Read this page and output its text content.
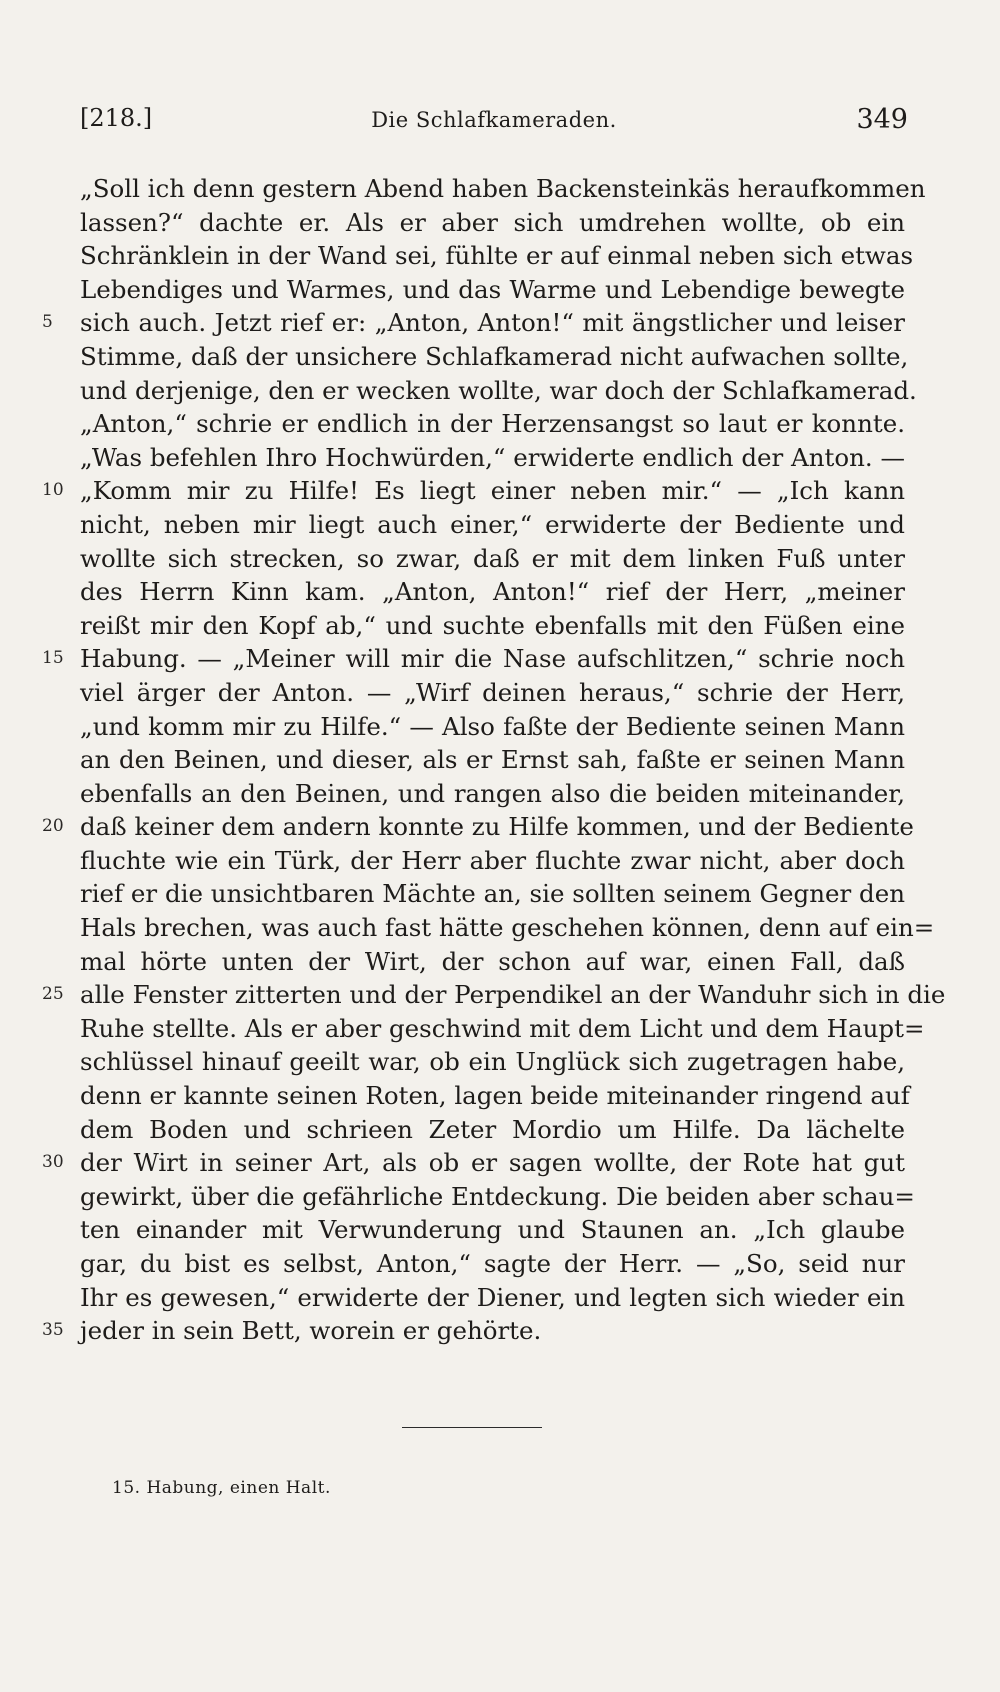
[218.]	Die Schlafkameraden.	349
„Soll ich denn gestern Abend haben Backensteinkäs heraufkommen
lassen?“ dachte er. Als er aber sich umdrehen wollte, ob ein
Schränklein in der Wand sei, fühlte er auf einmal neben sich etwas
Lebendiges und Warmes, und das Warme und Lebendige bewegte
5	sich auch. Jetzt rief er: „Anton, Anton!“ mit ängstlicher und leiser
Stimme, daß der unsichere Schlafkamerad nicht aufwachen sollte,
und derjenige, den er wecken wollte, war doch der Schlafkamerad.
„Anton,“ schrie er endlich in der Herzensangst so laut er konnte.
„Was befehlen Ihro Hochwürden,“ erwiderte endlich der Anton. —
10 „Komm mir zu Hilfe! Es liegt einer neben mir.“ — „Ich kann
nicht, neben mir liegt auch einer,“ erwiderte der Bediente und
wollte sich strecken, so zwar, daß er mit dem linken Fuß unter
des Herrn Kinn kam. „Anton, Anton!“ rief der Herr, „meiner
reißt mir den Kopf ab,“ und suchte ebenfalls mit den Füßen eine
15 Habung. — „Meiner will mir die Nase aufschlitzen,“ schrie noch
viel ärger der Anton. — „Wirf deinen heraus,“ schrie der Herr,
„und komm mir zu Hilfe.“ — Also faßte der Bediente seinen Mann
an den Beinen, und dieser, als er Ernst sah, faßte er seinen Mann
ebenfalls an den Beinen, und rangen also die beiden miteinander,
20 daß keiner dem andern konnte zu Hilfe kommen, und der Bediente
fluchte wie ein Türk, der Herr aber fluchte zwar nicht, aber doch
rief er die unsichtbaren Mächte an, sie sollten seinem Gegner den
Hals brechen, was auch fast hätte geschehen können, denn auf ein=
mal hörte unten der Wirt, der schon auf war, einen Fall, daß
25 alle Fenster zitterten und der Perpendikel an der Wanduhr sich in die
Ruhe stellte. Als er aber geschwind mit dem Licht und dem Haupt=
schlüssel hinauf geeilt war, ob ein Unglück sich zugetragen habe,
denn er kannte seinen Roten, lagen beide miteinander ringend auf
dem Boden und schrieen Zeter Mordio um Hilfe. Da lächelte
30 der Wirt in seiner Art, als ob er sagen wollte, der Rote hat gut
gewirkt, über die gefährliche Entdeckung. Die beiden aber schau=
ten einander mit Verwunderung und Staunen an. „Ich glaube
gar, du bist es selbst, Anton,“ sagte der Herr. — „So, seid nur
Ihr es gewesen,“ erwiderte der Diener, und legten sich wieder ein
35 jeder in sein Bett, worein er gehörte.
15. Habung, einen Halt.
